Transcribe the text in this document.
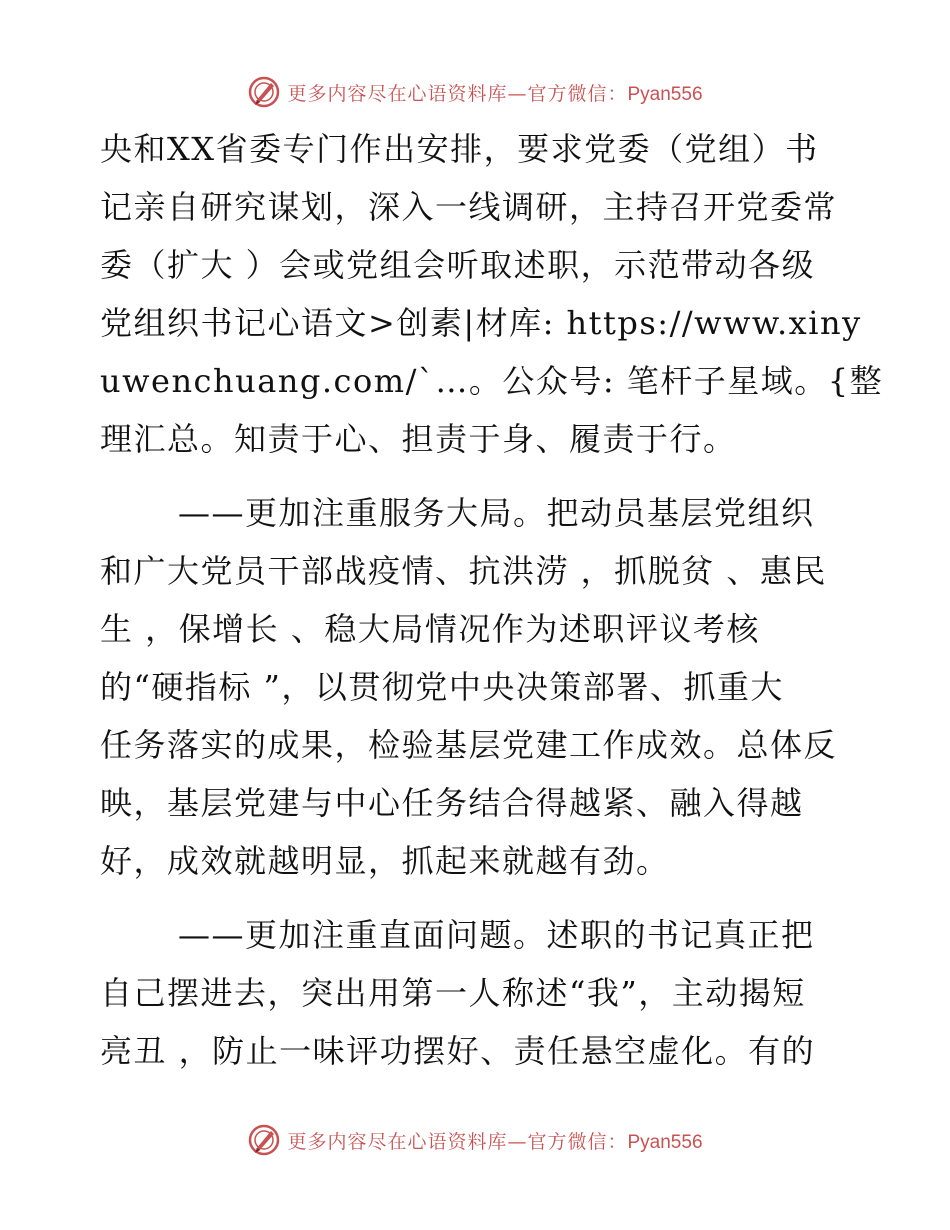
更多内容尽在心语资料库—官方微信：Pyan556
央和XX省委专门作出安排，要求党委（党组）书
记亲自研究谋划，深入一线调研，主持召开党委常
委（扩大 ）会或党组会听取述职，示范带动各级
党组织书记心语文>创素|材库: https://www.xiny
uwenchuang.com/`…。公众号: 笔杆子星域。{整
理汇总。知责于心、担责于身、履责于行。
——更加注重服务大局。把动员基层党组织
和广大党员干部战疫情、抗洪涝 ，抓脱贫 、惠民
生 ，保增长 、稳大局情况作为述职评议考核
的“硬指标 ”，以贯彻党中央决策部署、抓重大
任务落实的成果，检验基层党建工作成效。总体反
映，基层党建与中心任务结合得越紧、融入得越
好，成效就越明显，抓起来就越有劲。
——更加注重直面问题。述职的书记真正把
自己摆进去，突出用第一人称述“我”，主动揭短
亮丑 ，防止一味评功摆好、责任悬空虚化。有的
更多内容尽在心语资料库—官方微信：Pyan556
